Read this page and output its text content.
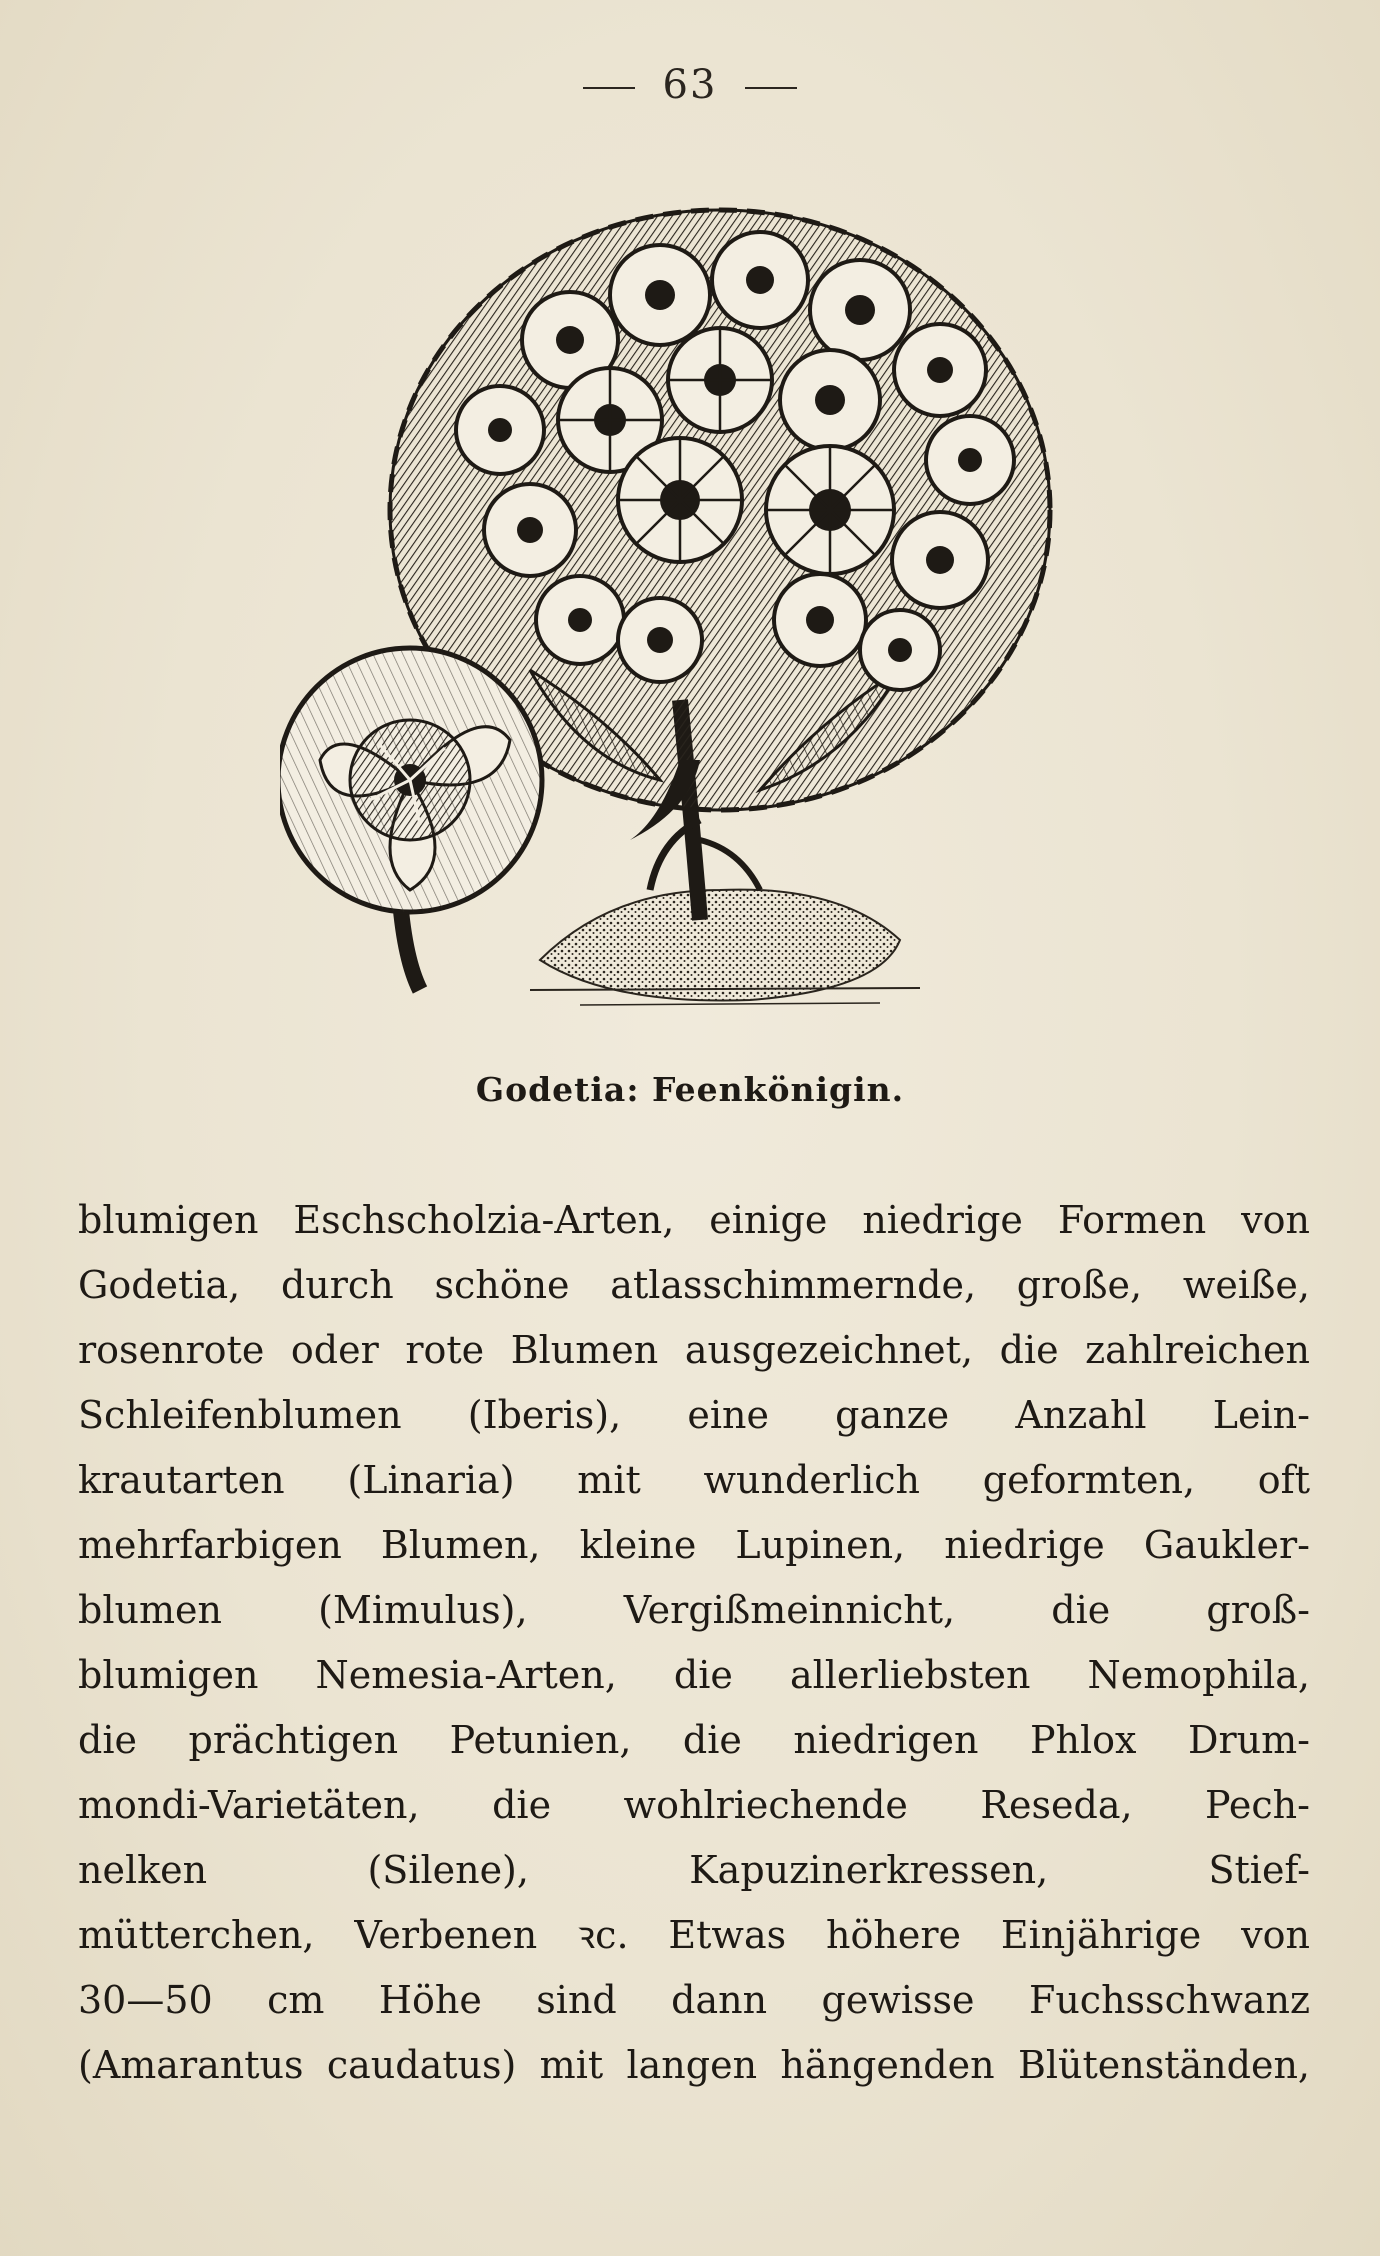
63
Godetia: Feenkönigin.
blumigen Eschscholzia-Arten, einige niedrige Formen von
Godetia, durch schöne atlasschimmernde, große, weiße,
rosenrote oder rote Blumen ausgezeichnet, die zahlreichen
Schleifenblumen (Iberis), eine ganze Anzahl Lein-
krautarten (Linaria) mit wunderlich geformten, oft
mehrfarbigen Blumen, kleine Lupinen, niedrige Gaukler-
blumen (Mimulus), Vergißmeinnicht, die groß-
blumigen Nemesia-Arten, die allerliebsten Nemophila,
die prächtigen Petunien, die niedrigen Phlox Drum-
mondi-Varietäten, die wohlriechende Reseda, Pech-
nelken (Silene), Kapuzinerkressen, Stief-
mütterchen, Verbenen ꝛc. Etwas höhere Einjährige von
30—50 cm Höhe sind dann gewisse Fuchsschwanz
(Amarantus caudatus) mit langen hängenden Blütenständen,
